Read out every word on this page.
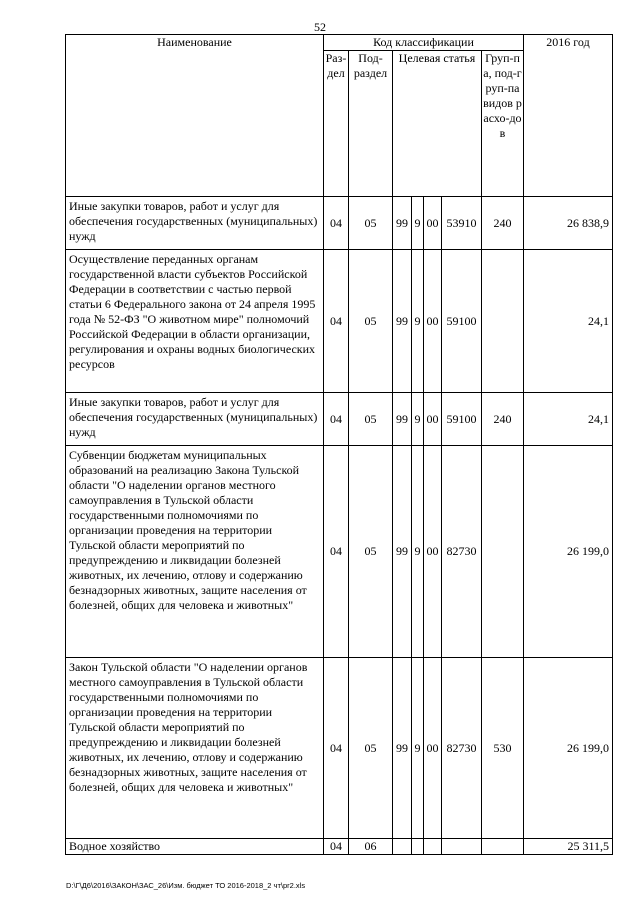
52
Наименование	Код классификации							2016 год
	Раз-дел	Под-раздел	Целевая статья				Груп-па, под-груп-па видов расхо-дов	
Иные закупки товаров, работ и услуг для обеспечения государственных (муниципальных) нужд	04	05	99	9	00	53910	240	26 838,9
Осуществление переданных органам государственной власти субъектов Российской Федерации в соответствии с частью первой статьи 6 Федерального закона от 24 апреля 1995 года № 52-ФЗ "О животном мире" полномочий Российской Федерации в области организации, регулирования и охраны водных биологических ресурсов	04	05	99	9	00	59100		24,1
Иные закупки товаров, работ и услуг для обеспечения государственных (муниципальных) нужд	04	05	99	9	00	59100	240	24,1
Субвенции бюджетам муниципальных образований на реализацию Закона Тульской области "О наделении органов местного самоуправления в Тульской области государственными полномочиями по организации проведения на территории Тульской области мероприятий по предупреждению и ликвидации болезней животных, их лечению, отлову и содержанию безнадзорных животных, защите населения от болезней, общих для человека и животных"	04	05	99	9	00	82730		26 199,0
Закон Тульской области "О наделении органов местного самоуправления в Тульской области государственными полномочиями по организации проведения на территории Тульской области мероприятий по предупреждению и ликвидации болезней животных, их лечению, отлову и содержанию безнадзорных животных, защите населения от болезней, общих для человека и животных"	04	05	99	9	00	82730	530	26 199,0
Водное хозяйство	04	06						25 311,5
D:\Г\Д6\2016\ЗАКОН\ЗАС_26\Изм. бюджет ТО 2016-2018_2 чт\pr2.xls
